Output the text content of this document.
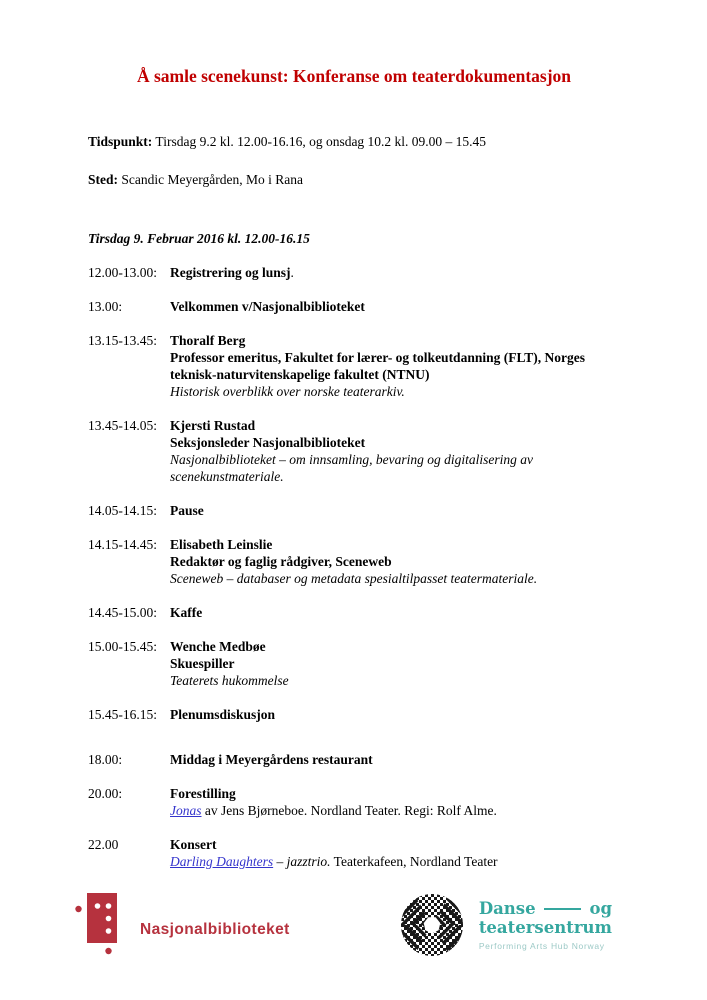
Å samle scenekunst: Konferanse om teaterdokumentasjon
Tidspunkt: Tirsdag 9.2 kl. 12.00-16.16, og onsdag 10.2 kl. 09.00 – 15.45
Sted: Scandic Meyergården, Mo i Rana
Tirsdag 9. Februar 2016 kl. 12.00-16.15
12.00-13.00: Registrering og lunsj.
13.00:	Velkommen v/Nasjonalbiblioteket
13.15-13.45: Thoralf Berg
Professor emeritus, Fakultet for lærer- og tolkeutdanning (FLT), Norges teknisk-naturvitenskapelige fakultet (NTNU)
Historisk overblikk over norske teaterarkiv.
13.45-14.05: Kjersti Rustad
Seksjonsleder Nasjonalbiblioteket
Nasjonalbiblioteket – om innsamling, bevaring og digitalisering av scenekunstmateriale.
14.05-14.15: Pause
14.15-14.45: Elisabeth Leinslie
Redaktør og faglig rådgiver, Sceneweb
Sceneweb – databaser og metadata spesialtilpasset teatermateriale.
14.45-15.00: Kaffe
15.00-15.45: Wenche Medbøe
Skuespiller
Teaterets hukommelse
15.45-16.15: Plenumsdiskusjon
18.00:	Middag i Meyergårdens restaurant
20.00:	Forestilling
Jonas av Jens Bjørneboe. Nordland Teater. Regi: Rolf Alme.
22.00	Konsert
Darling Daughters – jazztrio. Teaterkafeen, Nordland Teater
Nasjonalbiblioteket
Danse	og
teatersentrum
Performing Arts Hub Norway
